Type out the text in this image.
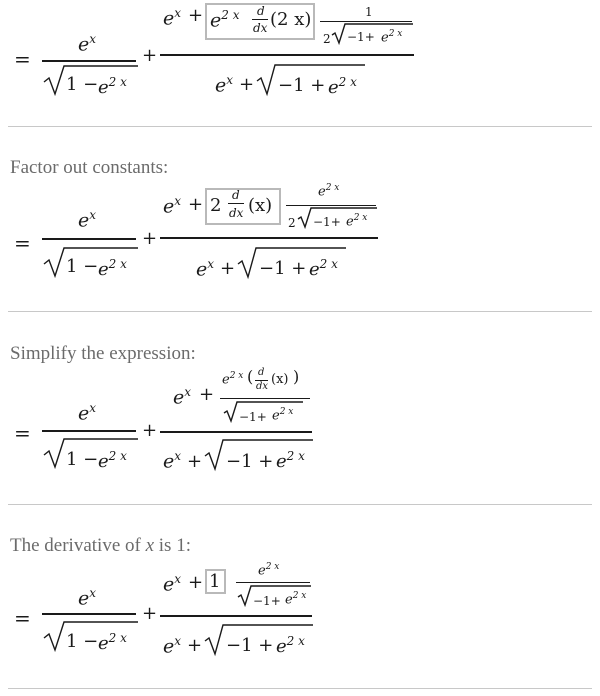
=
$e^x$
$1 - e^{2 x}$
+
$e^x + e^{2 x}$ d
dx (2 x)	1
$2 -1+ e^{2 x}$
$e^x + -1 + e^{2 x}$
Factor out constants:
=
$e^x$
$1 - e^{2 x}$
+
$e^x + 2$ d
dx (x)
$e^{2 x}$
$2 -1+ e^{2 x}$
$e^x + -1 + e^{2 x}$
Simplify the expression:
=
$e^x$
$1 - e^{2 x}$
+
$e^x$ +
$e^{2 x}$ ( d
dx (x) )
$-1+ e^{2 x}$
$e^x + -1 + e^{2 x}$
The derivative of x is 1:
=
$e^x$
$1 - e^{2 x}$
+
$e^x + 1$
$e^{2 x}$
$-1+ e^{2 x}$
$e^x + -1 + e^{2 x}$
